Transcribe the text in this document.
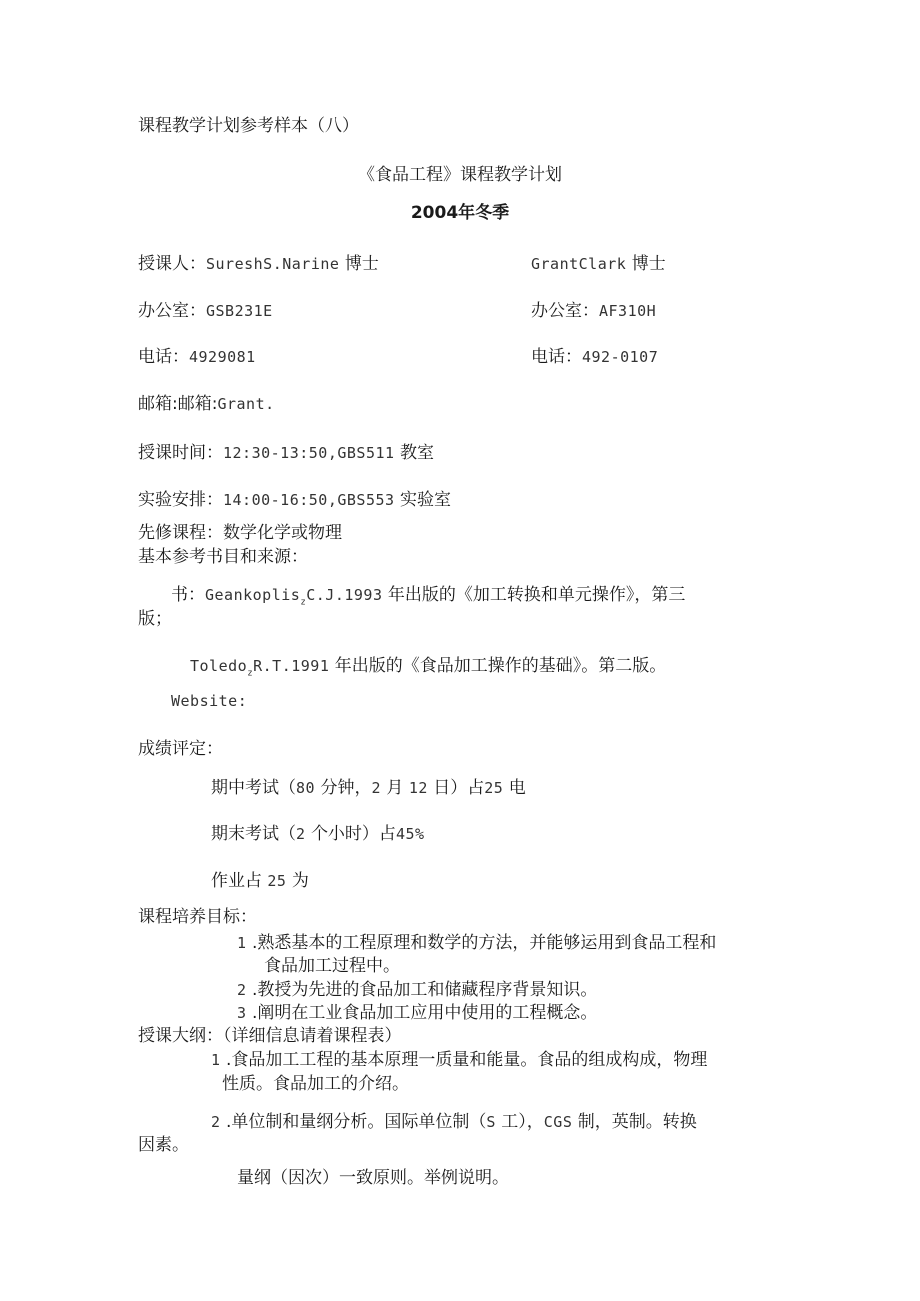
课程教学计划参考样本（八）
《食品工程》课程教学计划
2004年冬季
授课人：SureshS.Narine 博士
办公室：GSB231E
电话：4929081
GrantClark 博士
办公室：AF310H
电话：492-0107
邮箱:邮箱:Grant.
授课时间：12:30-13:50,GBS511 教室
实验安排：14:00-16:50,GBS553 实验室
先修课程：数学化学或物理
基本参考书目和来源：
书：Geankoplis$_z$C.J.1993 年出版的《加工转换和单元操作》，第三
版；
Toledo$_z$R.T.1991 年出版的《食品加工操作的基础》。第二版。
Website:
成绩评定：
期中考试（80 分钟，2 月 12 日）占25 电
期末考试（2 个小时）占45%
作业占 25 为
课程培养目标：
1 .熟悉基本的工程原理和数学的方法，并能够运用到食品工程和
食品加工过程中。
2 .教授为先进的食品加工和储藏程序背景知识。
3 .阐明在工业食品加工应用中使用的工程概念。
授课大纲：（详细信息请着课程表）
1 .食品加工工程的基本原理一质量和能量。食品的组成构成，物理
性质。食品加工的介绍。
2 .单位制和量纲分析。国际单位制（S 工），CGS 制，英制。转换
因素。
量纲（因次）一致原则。举例说明。
